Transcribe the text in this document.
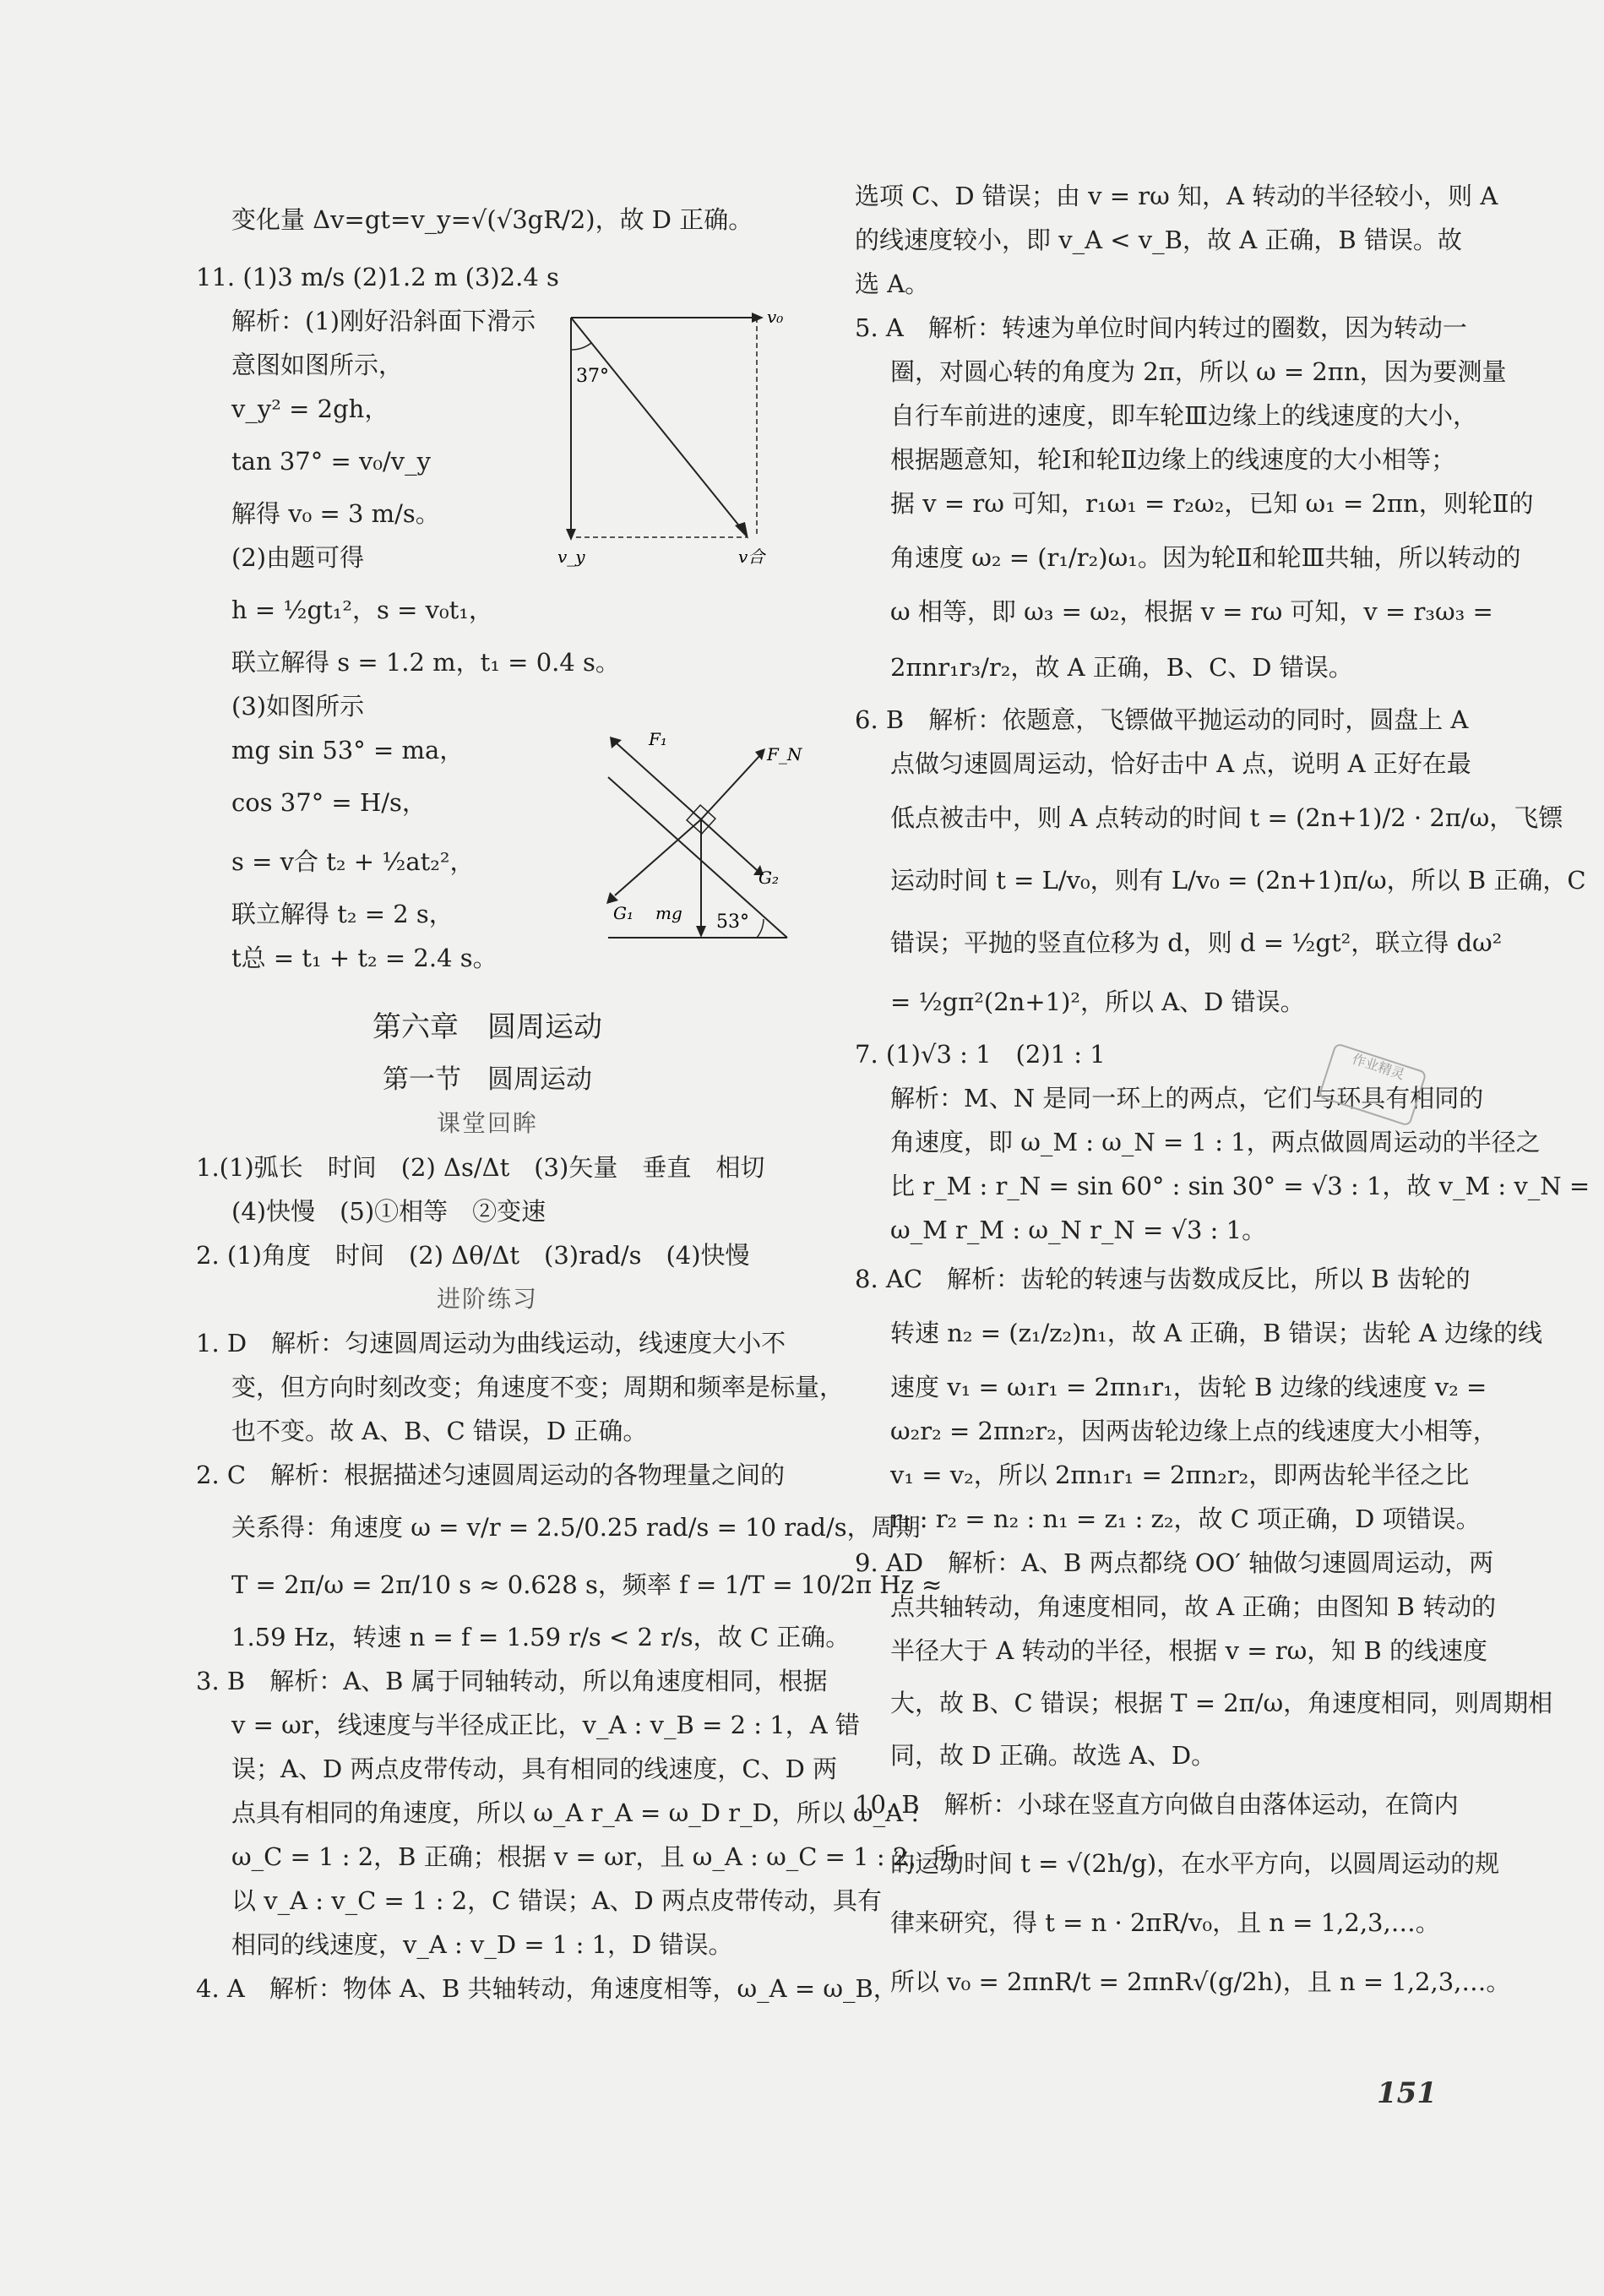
变化量 Δv=gt=v_y=√(√3gR/2)，故 D 正确。
11. (1)3 m/s (2)1.2 m (3)2.4 s
解析：(1)刚好沿斜面下滑示
意图如图所示，
v_y² = 2gh，
tan 37° = v₀/v_y
解得 v₀ = 3 m/s。
(2)由题可得
h = ½gt₁²，s = v₀t₁，
联立解得 s = 1.2 m，t₁ = 0.4 s。
(3)如图所示
mg sin 53° = ma，
cos 37° = H/s，
s = v合 t₂ + ½at₂²，
联立解得 t₂ = 2 s，
t总 = t₁ + t₂ = 2.4 s。
第六章　圆周运动
第一节　圆周运动
课堂回眸
1.(1)弧长　时间　(2) Δs/Δt　(3)矢量　垂直　相切
(4)快慢　(5)①相等　②变速
2. (1)角度　时间　(2) Δθ/Δt　(3)rad/s　(4)快慢
进阶练习
1. D　解析：匀速圆周运动为曲线运动，线速度大小不
变，但方向时刻改变；角速度不变；周期和频率是标量，
也不变。故 A、B、C 错误，D 正确。
2. C　解析：根据描述匀速圆周运动的各物理量之间的
关系得：角速度 ω = v/r = 2.5/0.25 rad/s = 10 rad/s，周期
T = 2π/ω = 2π/10 s ≈ 0.628 s，频率 f = 1/T = 10/2π Hz ≈
1.59 Hz，转速 n = f = 1.59 r/s < 2 r/s，故 C 正确。
3. B　解析：A、B 属于同轴转动，所以角速度相同，根据
v = ωr，线速度与半径成正比，v_A : v_B = 2 : 1，A 错
误；A、D 两点皮带传动，具有相同的线速度，C、D 两
点具有相同的角速度，所以 ω_A r_A = ω_D r_D，所以 ω_A :
ω_C = 1 : 2，B 正确；根据 v = ωr，且 ω_A : ω_C = 1 : 2，所
以 v_A : v_C = 1 : 2，C 错误；A、D 两点皮带传动，具有
相同的线速度，v_A : v_D = 1 : 1，D 错误。
4. A　解析：物体 A、B 共轴转动，角速度相等，ω_A = ω_B，
37°
v₀
v_y	v合
53°
F₁
F_N
G₂
G₁ mg
选项 C、D 错误；由 v = rω 知，A 转动的半径较小，则 A
的线速度较小，即 v_A < v_B，故 A 正确，B 错误。故
选 A。
5. A　解析：转速为单位时间内转过的圈数，因为转动一
圈，对圆心转的角度为 2π，所以 ω = 2πn，因为要测量
自行车前进的速度，即车轮Ⅲ边缘上的线速度的大小，
根据题意知，轮Ⅰ和轮Ⅱ边缘上的线速度的大小相等；
据 v = rω 可知，r₁ω₁ = r₂ω₂，已知 ω₁ = 2πn，则轮Ⅱ的
角速度 ω₂ = (r₁/r₂)ω₁。因为轮Ⅱ和轮Ⅲ共轴，所以转动的
ω 相等，即 ω₃ = ω₂，根据 v = rω 可知，v = r₃ω₃ =
2πnr₁r₃/r₂，故 A 正确，B、C、D 错误。
6. B　解析：依题意，飞镖做平抛运动的同时，圆盘上 A
点做匀速圆周运动，恰好击中 A 点，说明 A 正好在最
低点被击中，则 A 点转动的时间 t = (2n+1)/2 · 2π/ω，飞镖
运动时间 t = L/v₀，则有 L/v₀ = (2n+1)π/ω，所以 B 正确，C
错误；平抛的竖直位移为 d，则 d = ½gt²，联立得 dω²
= ½gπ²(2n+1)²，所以 A、D 错误。
7. (1)√3 : 1　(2)1 : 1
解析：M、N 是同一环上的两点，它们与环具有相同的
角速度，即 ω_M : ω_N = 1 : 1，两点做圆周运动的半径之
比 r_M : r_N = sin 60° : sin 30° = √3 : 1，故 v_M : v_N =
ω_M r_M : ω_N r_N = √3 : 1。
8. AC　解析：齿轮的转速与齿数成反比，所以 B 齿轮的
转速 n₂ = (z₁/z₂)n₁，故 A 正确，B 错误；齿轮 A 边缘的线
速度 v₁ = ω₁r₁ = 2πn₁r₁，齿轮 B 边缘的线速度 v₂ =
ω₂r₂ = 2πn₂r₂，因两齿轮边缘上点的线速度大小相等，
v₁ = v₂，所以 2πn₁r₁ = 2πn₂r₂，即两齿轮半径之比
r₁ : r₂ = n₂ : n₁ = z₁ : z₂，故 C 项正确，D 项错误。
9. AD　解析：A、B 两点都绕 OO′ 轴做匀速圆周运动，两
点共轴转动，角速度相同，故 A 正确；由图知 B 转动的
半径大于 A 转动的半径，根据 v = rω，知 B 的线速度
大，故 B、C 错误；根据 T = 2π/ω，角速度相同，则周期相
同，故 D 正确。故选 A、D。
10. B　解析：小球在竖直方向做自由落体运动，在筒内
的运动时间 t = √(2h/g)，在水平方向，以圆周运动的规
律来研究，得 t = n · 2πR/v₀，且 n = 1,2,3,…。
所以 v₀ = 2πnR/t = 2πnR√(g/2h)，且 n = 1,2,3,…。
作业精灵
151
